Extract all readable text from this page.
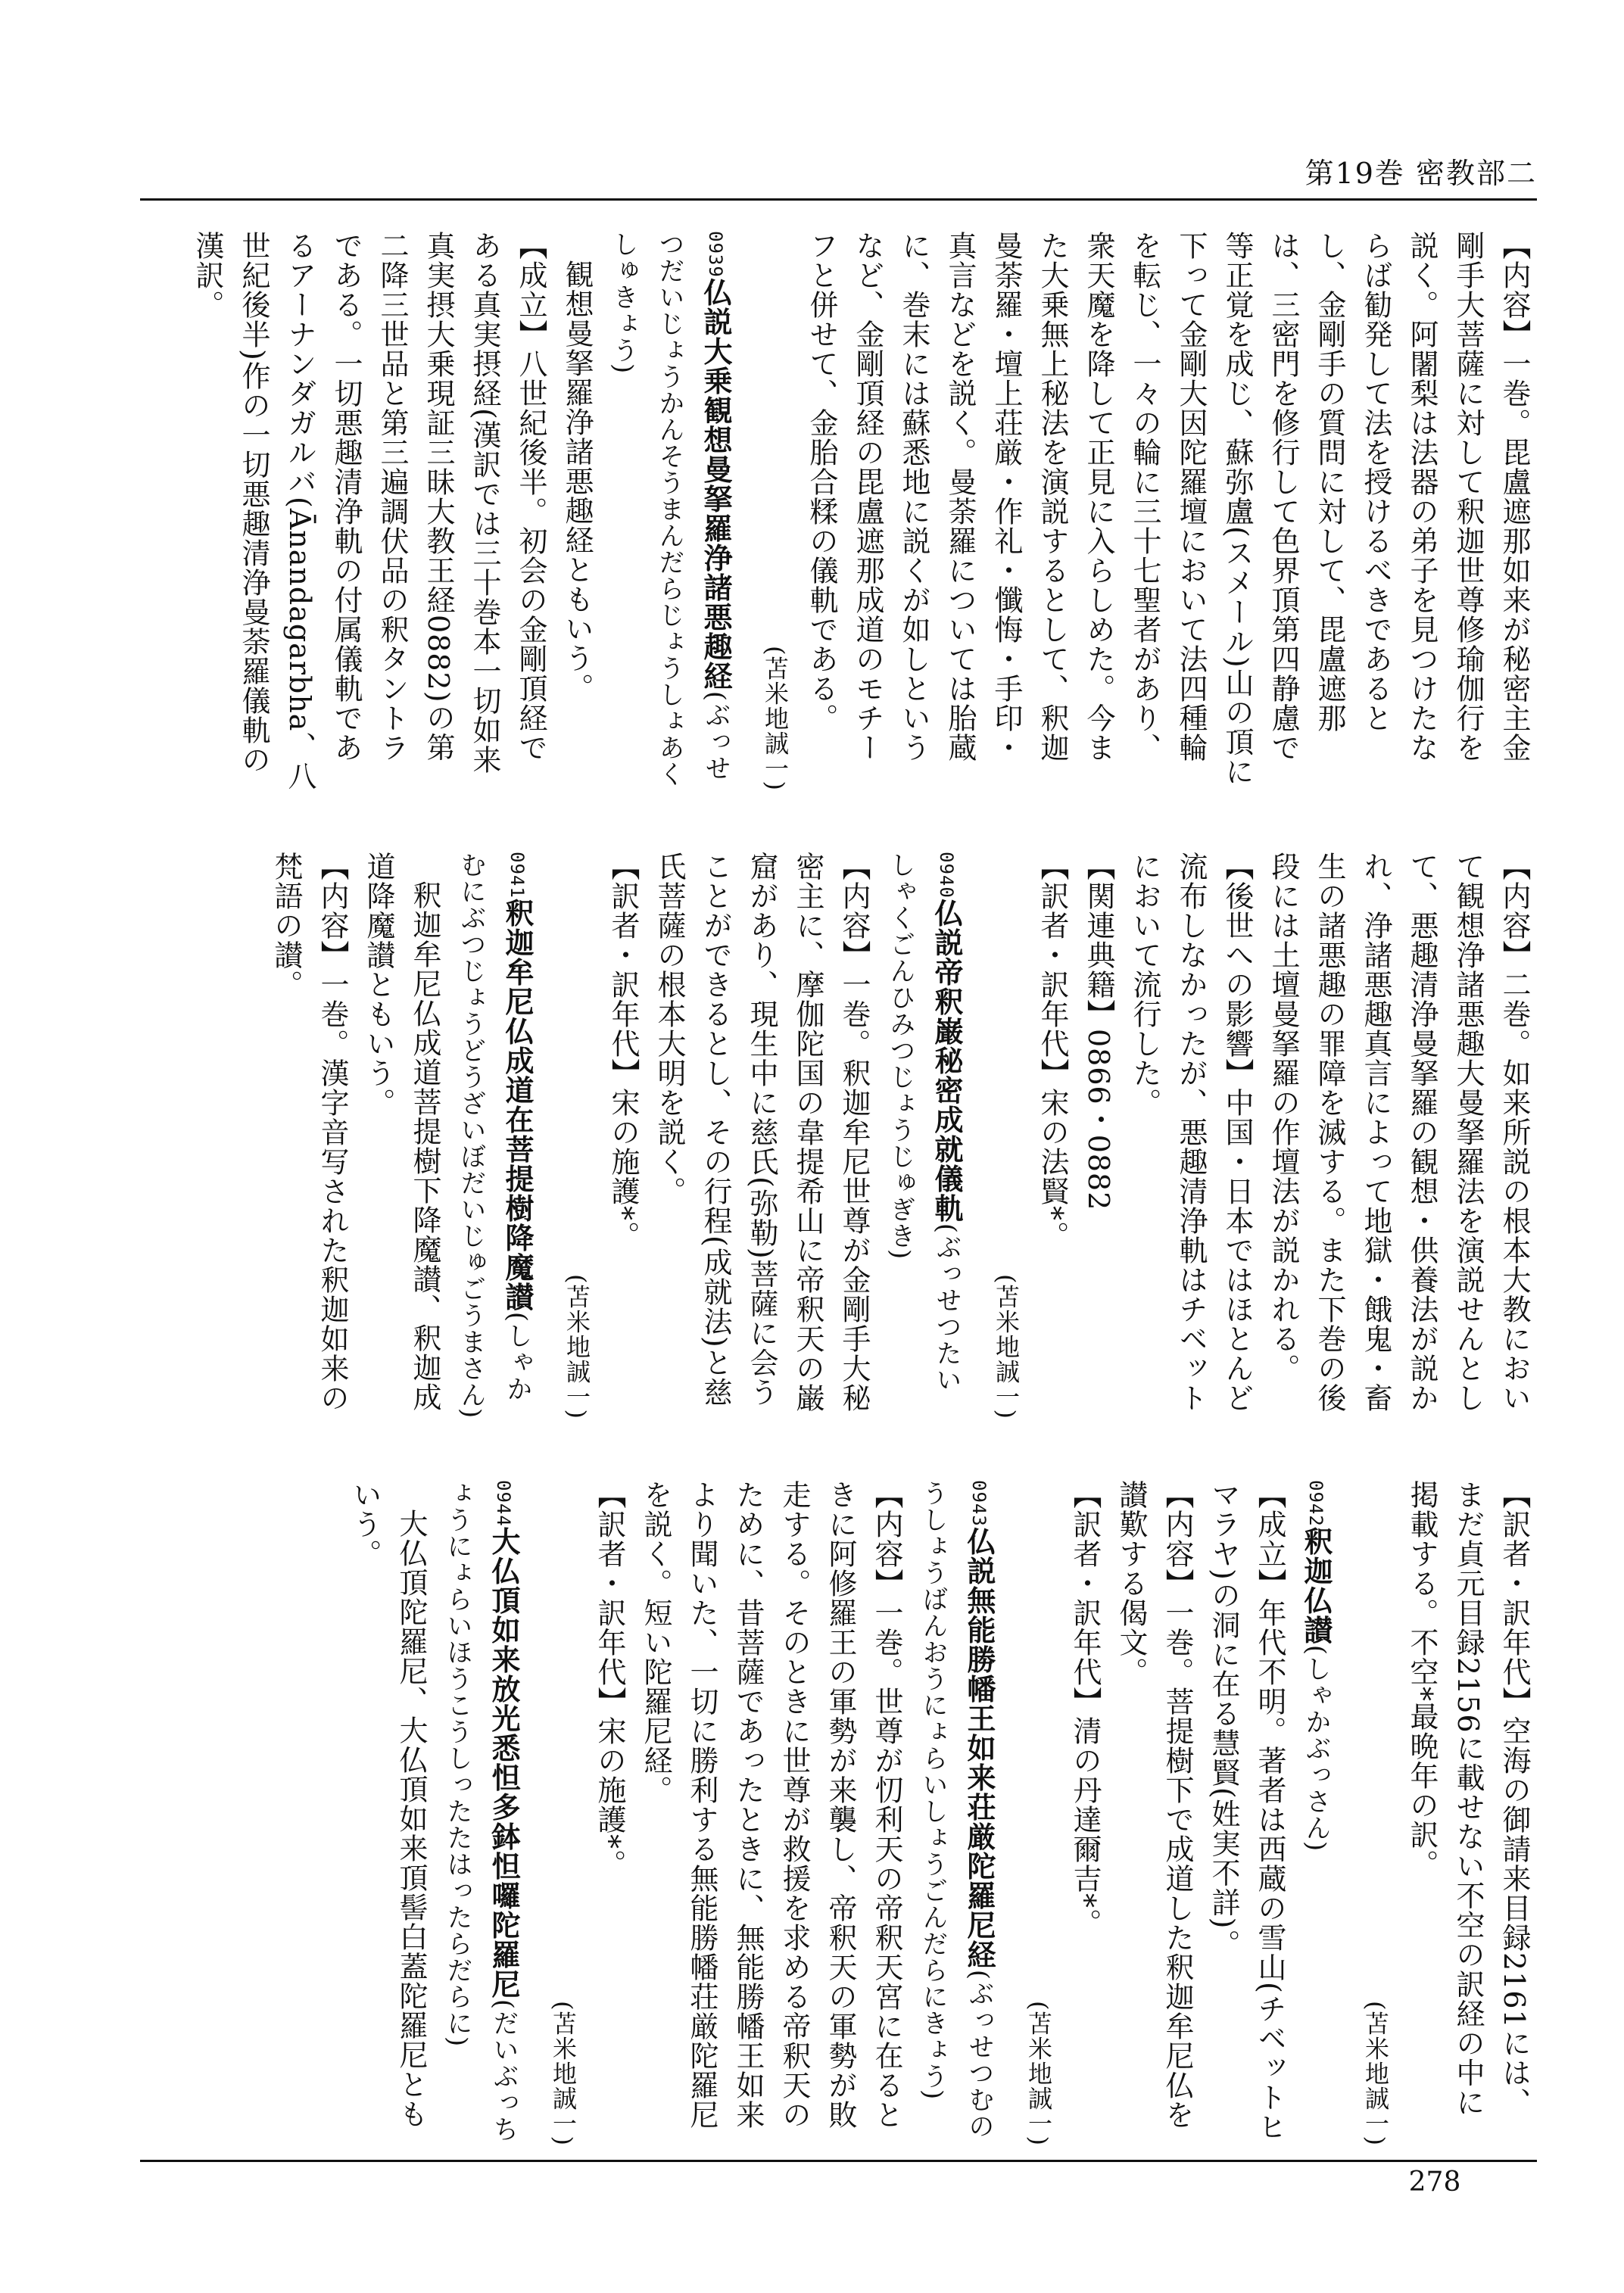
第19巻 密教部二

【内容】一巻。毘盧遮那如来が秘密主金剛手大菩薩に対して釈迦世尊修瑜伽行を説く。阿闍梨は法器の弟子を見つけたならば勧発して法を授けるべきであるとし、金剛手の質問に対して、毘盧遮那は、三密門を修行して色界頂第四静慮で等正覚を成じ、蘇弥盧(スメール)山の頂に下って金剛大因陀羅壇において法四種輪を転じ、一々の輪に三十七聖者があり、衆天魔を降して正見に入らしめた。今また大乗無上秘法を演説するとして、釈迦曼荼羅・壇上荘厳・作礼・懺悔・手印・真言などを説く。曼荼羅については胎蔵に、巻末には蘇悉地に説くが如しというなど、金剛頂経の毘盧遮那成道のモチーフと併せて、金胎合糅の儀軌である。

(苫米地誠一)

0939仏説大乗観想曼拏羅浄諸悪趣経(ぶっせつだいじょうかんそうまんだらじょうしょあくしゅきょう)

観想曼拏羅浄諸悪趣経ともいう。

【成立】八世紀後半。初会の金剛頂経である真実摂経(漢訳では三十巻本一切如来真実摂大乗現証三昧大教王経0882)の第二降三世品と第三遍調伏品の釈タントラである。一切悪趣清浄軌の付属儀軌であるアーナンダガルバ(Ānandagarbha、八世紀後半)作の一切悪趣清浄曼荼羅儀軌の漢訳。

【内容】二巻。如来所説の根本大教において観想浄諸悪趣大曼拏羅法を演説せんとして、悪趣清浄曼拏羅の観想・供養法が説かれ、浄諸悪趣真言によって地獄・餓鬼・畜生の諸悪趣の罪障を滅する。また下巻の後段には土壇曼拏羅の作壇法が説かれる。

【後世への影響】中国・日本ではほとんど流布しなかったが、悪趣清浄軌はチベットにおいて流行した。

【関連典籍】0866・0882

【訳者・訳年代】宋の法賢*。

(苫米地誠一)

0940仏説帝釈巌秘密成就儀軌(ぶっせつたいしゃくごんひみつじょうじゅぎき)

【内容】一巻。釈迦牟尼世尊が金剛手大秘密主に、摩伽陀国の韋提希山に帝釈天の巌窟があり、現生中に慈氏(弥勒)菩薩に会うことができるとし、その行程(成就法)と慈氏菩薩の根本大明を説く。

【訳者・訳年代】宋の施護*。

(苫米地誠一)

0941釈迦牟尼仏成道在菩提樹降魔讃(しゃかむにぶつじょうどうざいぼだいじゅごうまさん)

釈迦牟尼仏成道菩提樹下降魔讃、釈迦成道降魔讃ともいう。

【内容】一巻。漢字音写された釈迦如来の梵語の讃。

【訳者・訳年代】空海の御請来目録2161には、まだ貞元目録2156に載せない不空の訳経の中に掲載する。不空*最晩年の訳。

(苫米地誠一)

0942釈迦仏讃(しゃかぶっさん)

【成立】年代不明。著者は西蔵の雪山(チベットヒマラヤ)の洞に在る慧賢(姓実不詳)。

【内容】一巻。菩提樹下で成道した釈迦牟尼仏を讃歎する偈文。

【訳者・訳年代】清の丹達爾吉*。

(苫米地誠一)

0943仏説無能勝幡王如来荘厳陀羅尼経(ぶっせつむのうしょうばんおうにょらいしょうごんだらにきょう)

【内容】一巻。世尊が忉利天の帝釈天宮に在るときに阿修羅王の軍勢が来襲し、帝釈天の軍勢が敗走する。そのときに世尊が救援を求める帝釈天のために、昔菩薩であったときに、無能勝幡王如来より聞いた、一切に勝利する無能勝幡荘厳陀羅尼を説く。短い陀羅尼経。

【訳者・訳年代】宋の施護*。

(苫米地誠一)

0944大仏頂如来放光悉怛多鉢怛囉陀羅尼(だいぶっちょうにょらいほうこうしったたはったらだらに)

大仏頂陀羅尼、大仏頂如来頂髻白蓋陀羅尼ともいう。

278
